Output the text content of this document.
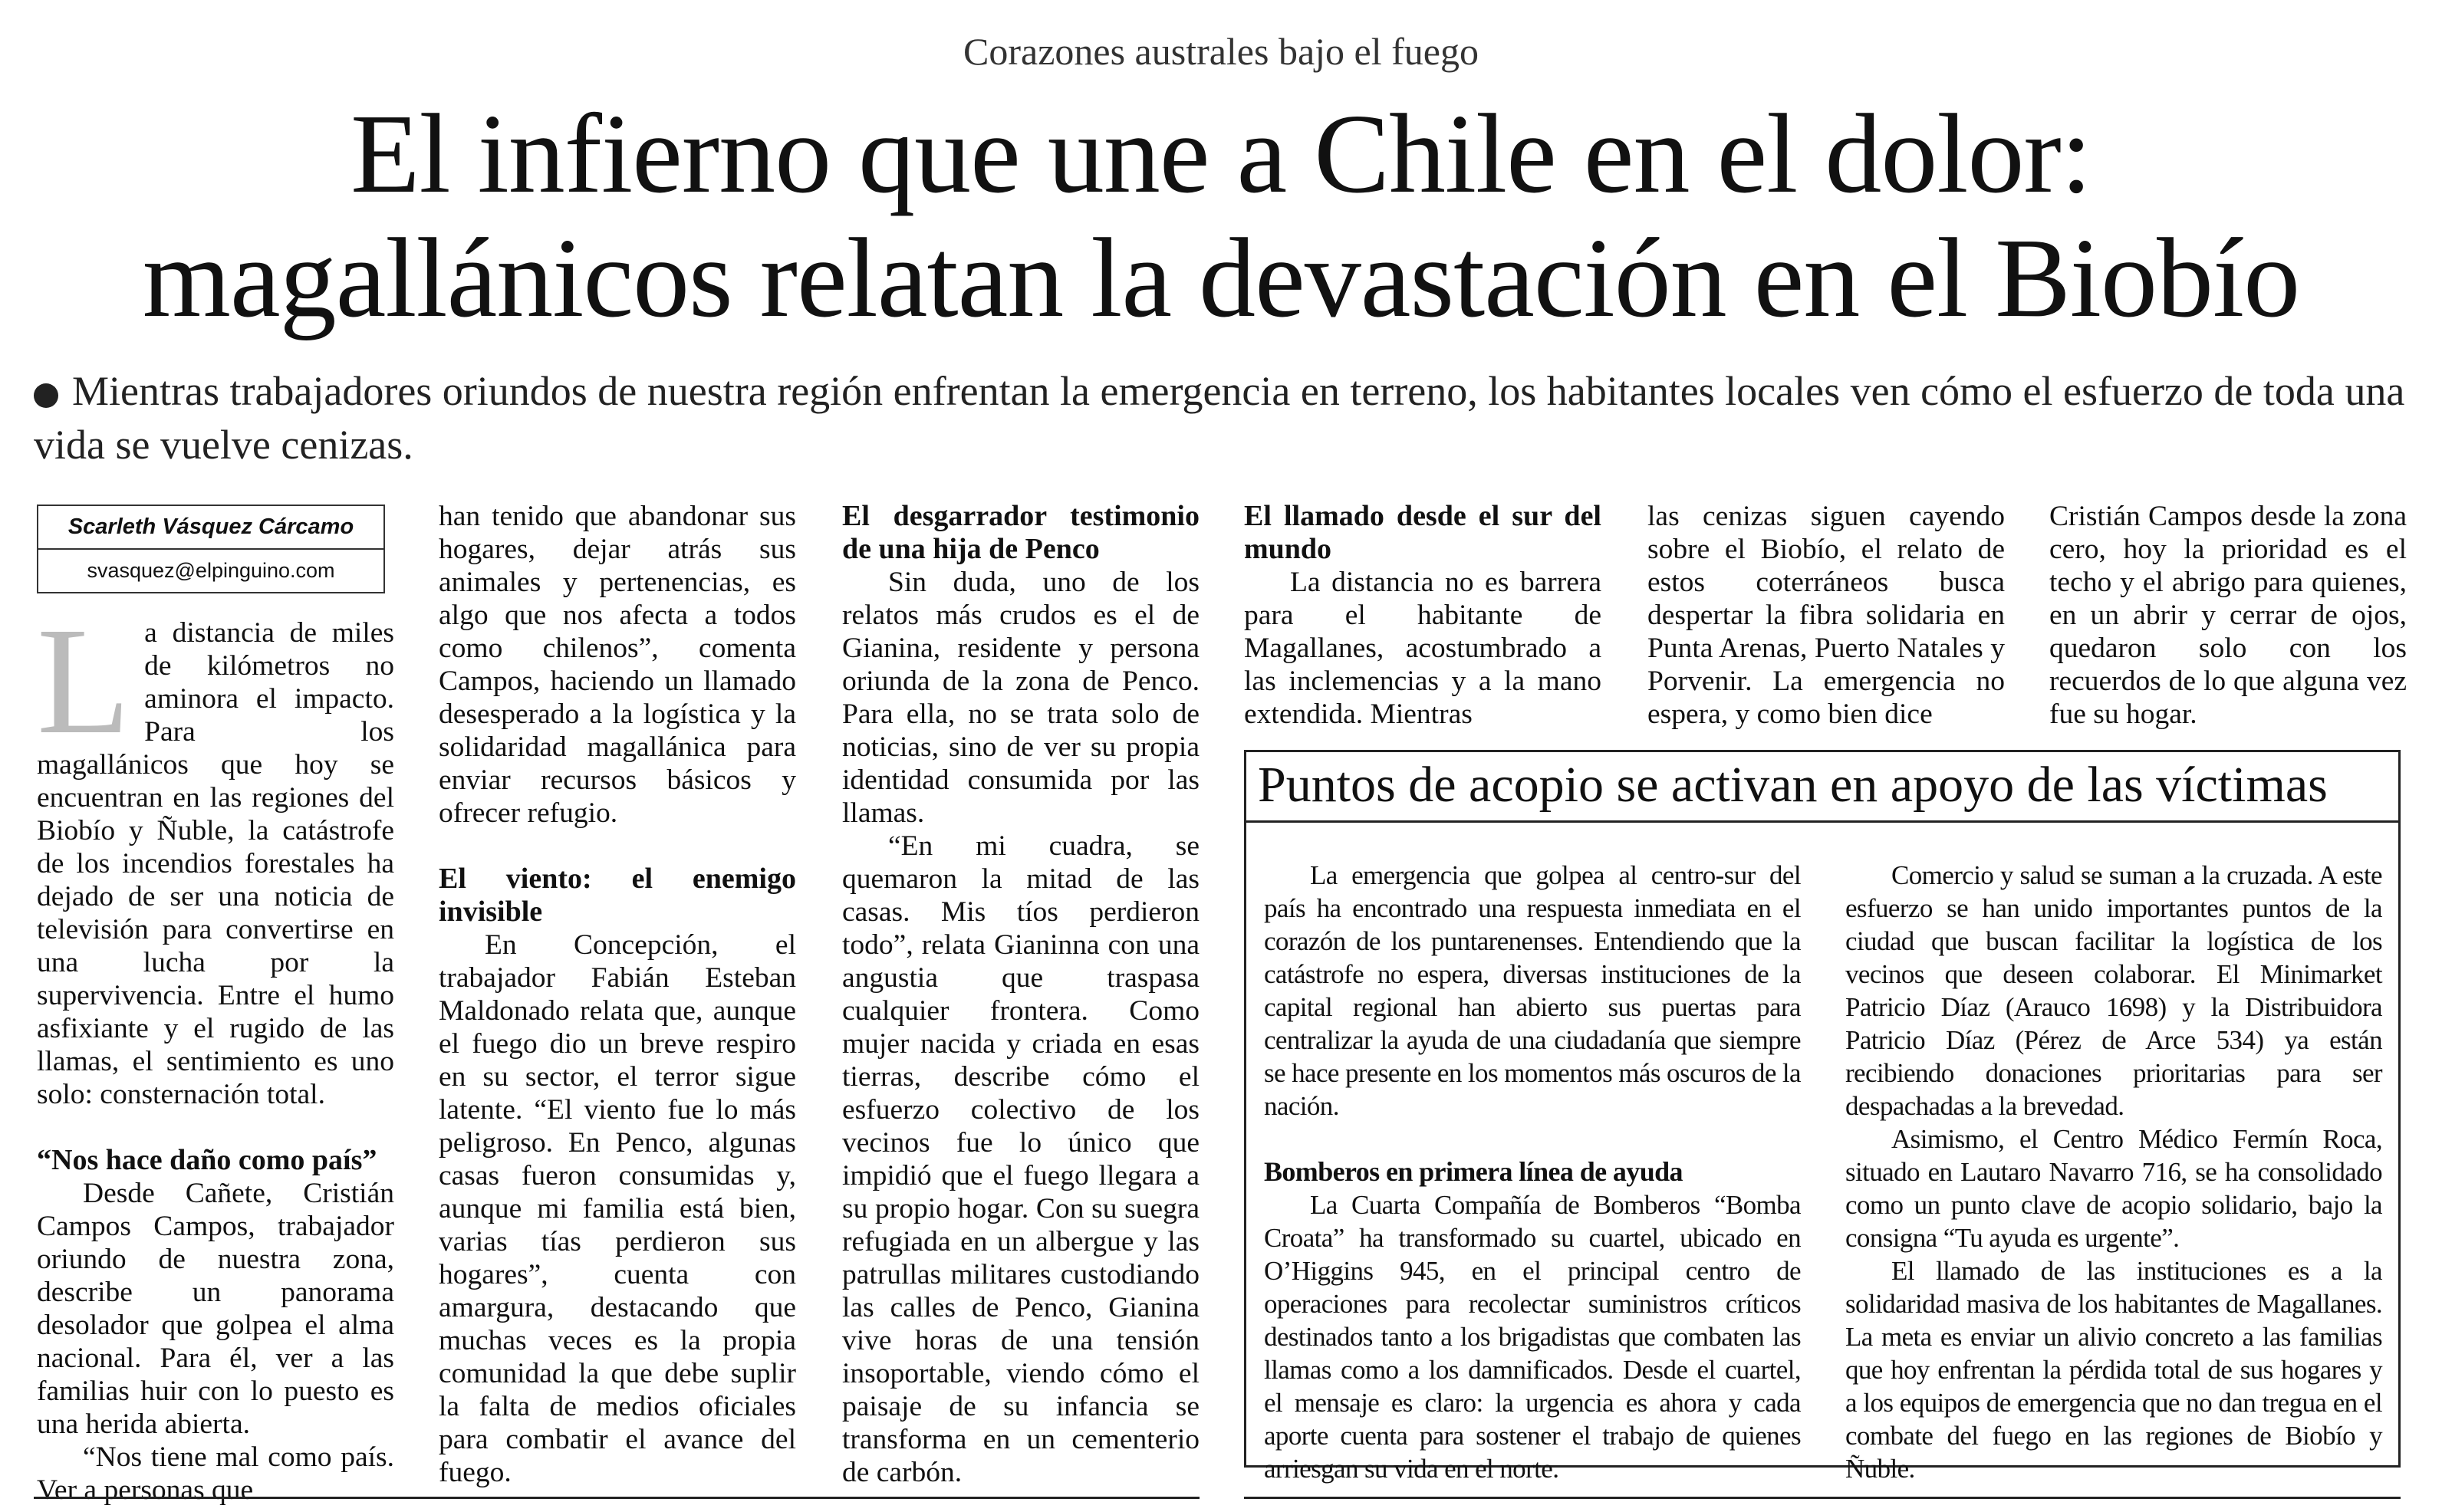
Corazones australes bajo el fuego
El infierno que une a Chile en el dolor:
magallánicos relatan la devastación en el Biobío
Mientras trabajadores oriundos de nuestra región enfrentan la emergencia en terreno, los habitantes locales ven cómo el esfuerzo de toda una vida se vuelve cenizas.
Scarleth Vásquez Cárcamo
svasquez@elpinguino.com

La distancia de miles de kilómetros no aminora el impacto. Para los magallánicos que hoy se encuentran en las regiones del Biobío y Ñuble, la catástrofe de los incendios forestales ha dejado de ser una noticia de televisión para convertirse en una lucha por la supervivencia. Entre el humo asfixiante y el rugido de las llamas, el sentimiento es uno solo: consternación total.

“Nos hace daño como país”

Desde Cañete, Cristián Campos Campos, trabajador oriundo de nuestra zona, describe un panorama desolador que golpea el alma nacional. Para él, ver a las familias huir con lo puesto es una herida abierta.

“Nos tiene mal como país. Ver a personas que

han tenido que abandonar sus hogares, dejar atrás sus animales y pertenencias, es algo que nos afecta a todos como chilenos”, comenta Campos, haciendo un llamado desesperado a la logística y la solidaridad magallánica para enviar recursos básicos y ofrecer refugio.

El viento: el enemigo invisible

En Concepción, el trabajador Fabián Esteban Maldonado relata que, aunque el fuego dio un breve respiro en su sector, el terror sigue latente. “El viento fue lo más peligroso. En Penco, algunas casas fueron consumidas y, aunque mi familia está bien, varias tías perdieron sus hogares”, cuenta con amargura, destacando que muchas veces es la propia comunidad la que debe suplir la falta de medios oficiales para combatir el avance del fuego.

El desgarrador testimonio de una hija de Penco

Sin duda, uno de los relatos más crudos es el de Gianina, residente y persona oriunda de la zona de Penco. Para ella, no se trata solo de noticias, sino de ver su propia identidad consumida por las llamas.

“En mi cuadra, se quemaron la mitad de las casas. Mis tíos perdieron todo”, relata Gianinna con una angustia que traspasa cualquier frontera. Como mujer nacida y criada en esas tierras, describe cómo el esfuerzo colectivo de los vecinos fue lo único que impidió que el fuego llegara a su propio hogar. Con su suegra refugiada en un albergue y las patrullas militares custodiando las calles de Penco, Gianina vive horas de una tensión insoportable, viendo cómo el paisaje de su infancia se transforma en un cementerio de carbón.

El llamado desde el sur del mundo

La distancia no es barrera para el habitante de Magallanes, acostumbrado a las inclemencias y a la mano extendida. Mientras

las cenizas siguen cayendo sobre el Biobío, el relato de estos coterráneos busca despertar la fibra solidaria en Punta Arenas, Puerto Natales y Porvenir. La emergencia no espera, y como bien dice

Cristián Campos desde la zona cero, hoy la prioridad es el techo y el abrigo para quienes, en un abrir y cerrar de ojos, quedaron solo con los recuerdos de lo que alguna vez fue su hogar.

Puntos de acopio se activan en apoyo de las víctimas

La emergencia que golpea al centro-sur del país ha encontrado una respuesta inmediata en el corazón de los puntarenenses. Entendiendo que la catástrofe no espera, diversas instituciones de la capital regional han abierto sus puertas para centralizar la ayuda de una ciudadanía que siempre se hace presente en los momentos más oscuros de la nación.

Bomberos en primera línea de ayuda

La Cuarta Compañía de Bomberos “Bomba Croata” ha transformado su cuartel, ubicado en O’Higgins 945, en el principal centro de operaciones para recolectar suministros críticos destinados tanto a los brigadistas que combaten las llamas como a los damnificados. Desde el cuartel, el mensaje es claro: la urgencia es ahora y cada aporte cuenta para sostener el trabajo de quienes arriesgan su vida en el norte.

Comercio y salud se suman a la cruzada. A este esfuerzo se han unido importantes puntos de la ciudad que buscan facilitar la logística de los vecinos que deseen colaborar. El Minimarket Patricio Díaz (Arauco 1698) y la Distribuidora Patricio Díaz (Pérez de Arce 534) ya están recibiendo donaciones prioritarias para ser despachadas a la brevedad.

Asimismo, el Centro Médico Fermín Roca, situado en Lautaro Navarro 716, se ha consolidado como un punto clave de acopio solidario, bajo la consigna “Tu ayuda es urgente”.

El llamado de las instituciones es a la solidaridad masiva de los habitantes de Magallanes. La meta es enviar un alivio concreto a las familias que hoy enfrentan la pérdida total de sus hogares y a los equipos de emergencia que no dan tregua en el combate del fuego en las regiones de Biobío y Ñuble.
